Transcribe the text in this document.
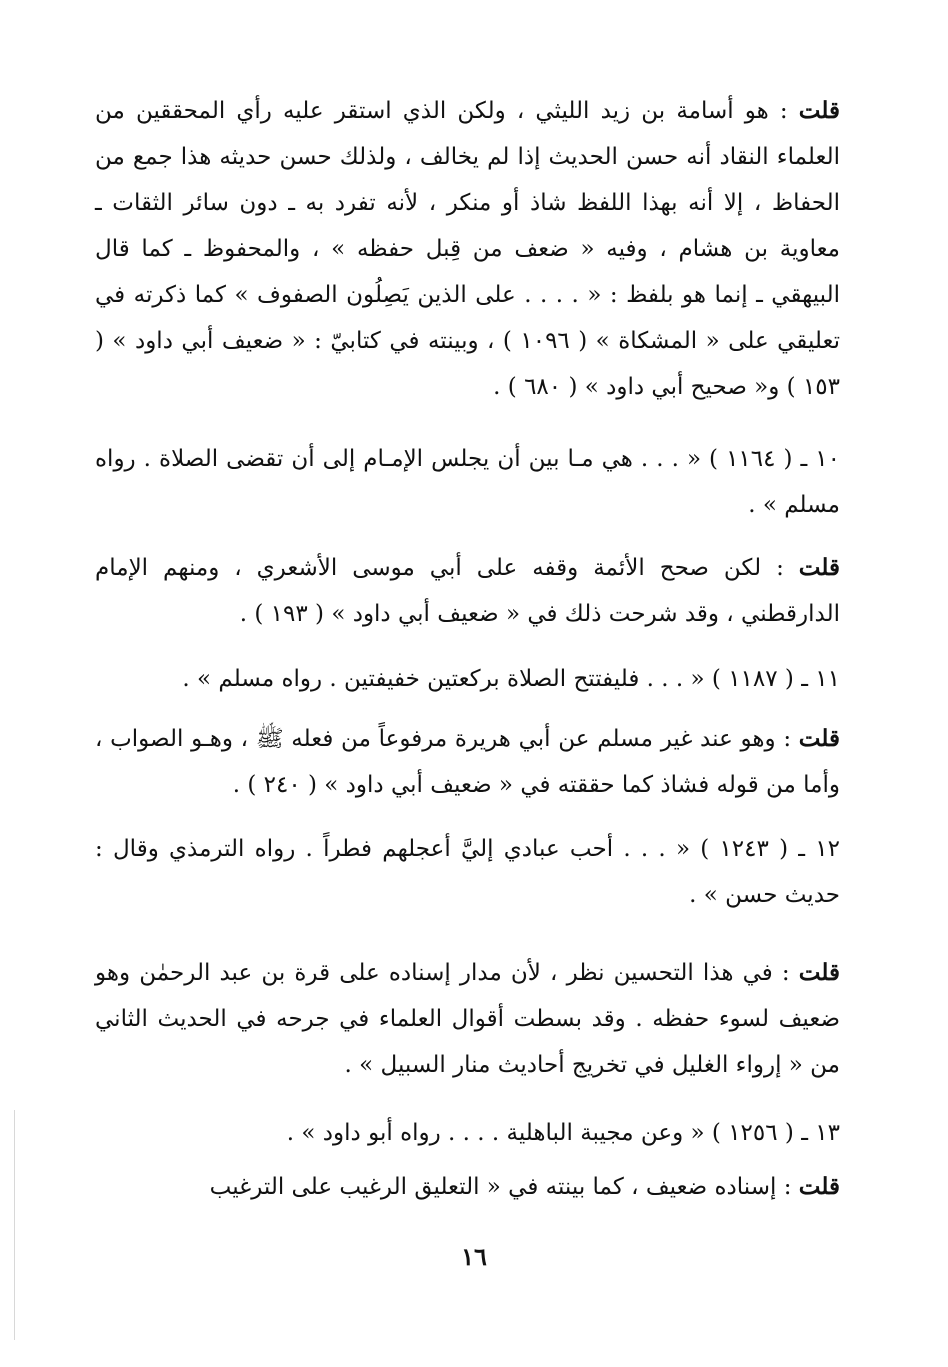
قلت : هو أسامة بن زيد الليثي ، ولكن الذي استقر عليه رأي المحققين من العلماء النقاد أنه حسن الحديث إذا لم يخالف ، ولذلك حسن حديثه هذا جمع من الحفاظ ، إلا أنه بهذا اللفظ شاذ أو منكر ، لأنه تفرد به ـ دون سائر الثقات ـ معاوية بن هشام ، وفيه « ضعف من قِبل حفظه » ، والمحفوظ ـ كما قال البيهقي ـ إنما هو بلفظ : « . . . . على الذين يَصِلُون الصفوف » كما ذكرته في تعليقي على « المشكاة » ( ١٠٩٦ ) ، وبينته في كتابيّ : « ضعيف أبي داود » ( ١٥٣ ) و« صحيح أبي داود » ( ٦٨٠ ) .

١٠ ـ ( ١١٦٤ ) « . . . هي مـا بين أن يجلس الإمـام إلى أن تقضى الصلاة . رواه مسلم » .

قلت : لكن صحح الأئمة وقفه على أبي موسى الأشعري ، ومنهم الإمام الدارقطني ، وقد شرحت ذلك في « ضعيف أبي داود » ( ١٩٣ ) .

١١ ـ ( ١١٨٧ ) « . . . فليفتتح الصلاة بركعتين خفيفتين . رواه مسلم » .

قلت : وهو عند غير مسلم عن أبي هريرة مرفوعاً من فعله ﷺ ، وهـو الصواب ، وأما من قوله فشاذ كما حققته في « ضعيف أبي داود » ( ٢٤٠ ) .

١٢ ـ ( ١٢٤٣ ) « . . . أحب عبادي إليَّ أعجلهم فطراً . رواه الترمذي وقال : حديث حسن » .

قلت : في هذا التحسين نظر ، لأن مدار إسناده على قرة بن عبد الرحمٰن وهو ضعيف لسوء حفظه . وقد بسطت أقوال العلماء في جرحه في الحديث الثاني من « إرواء الغليل في تخريج أحاديث منار السبيل » .

١٣ ـ ( ١٢٥٦ ) « وعن مجيبة الباهلية . . . . رواه أبو داود » .

قلت : إسناده ضعيف ، كما بينته في « التعليق الرغيب على الترغيب

١٦
